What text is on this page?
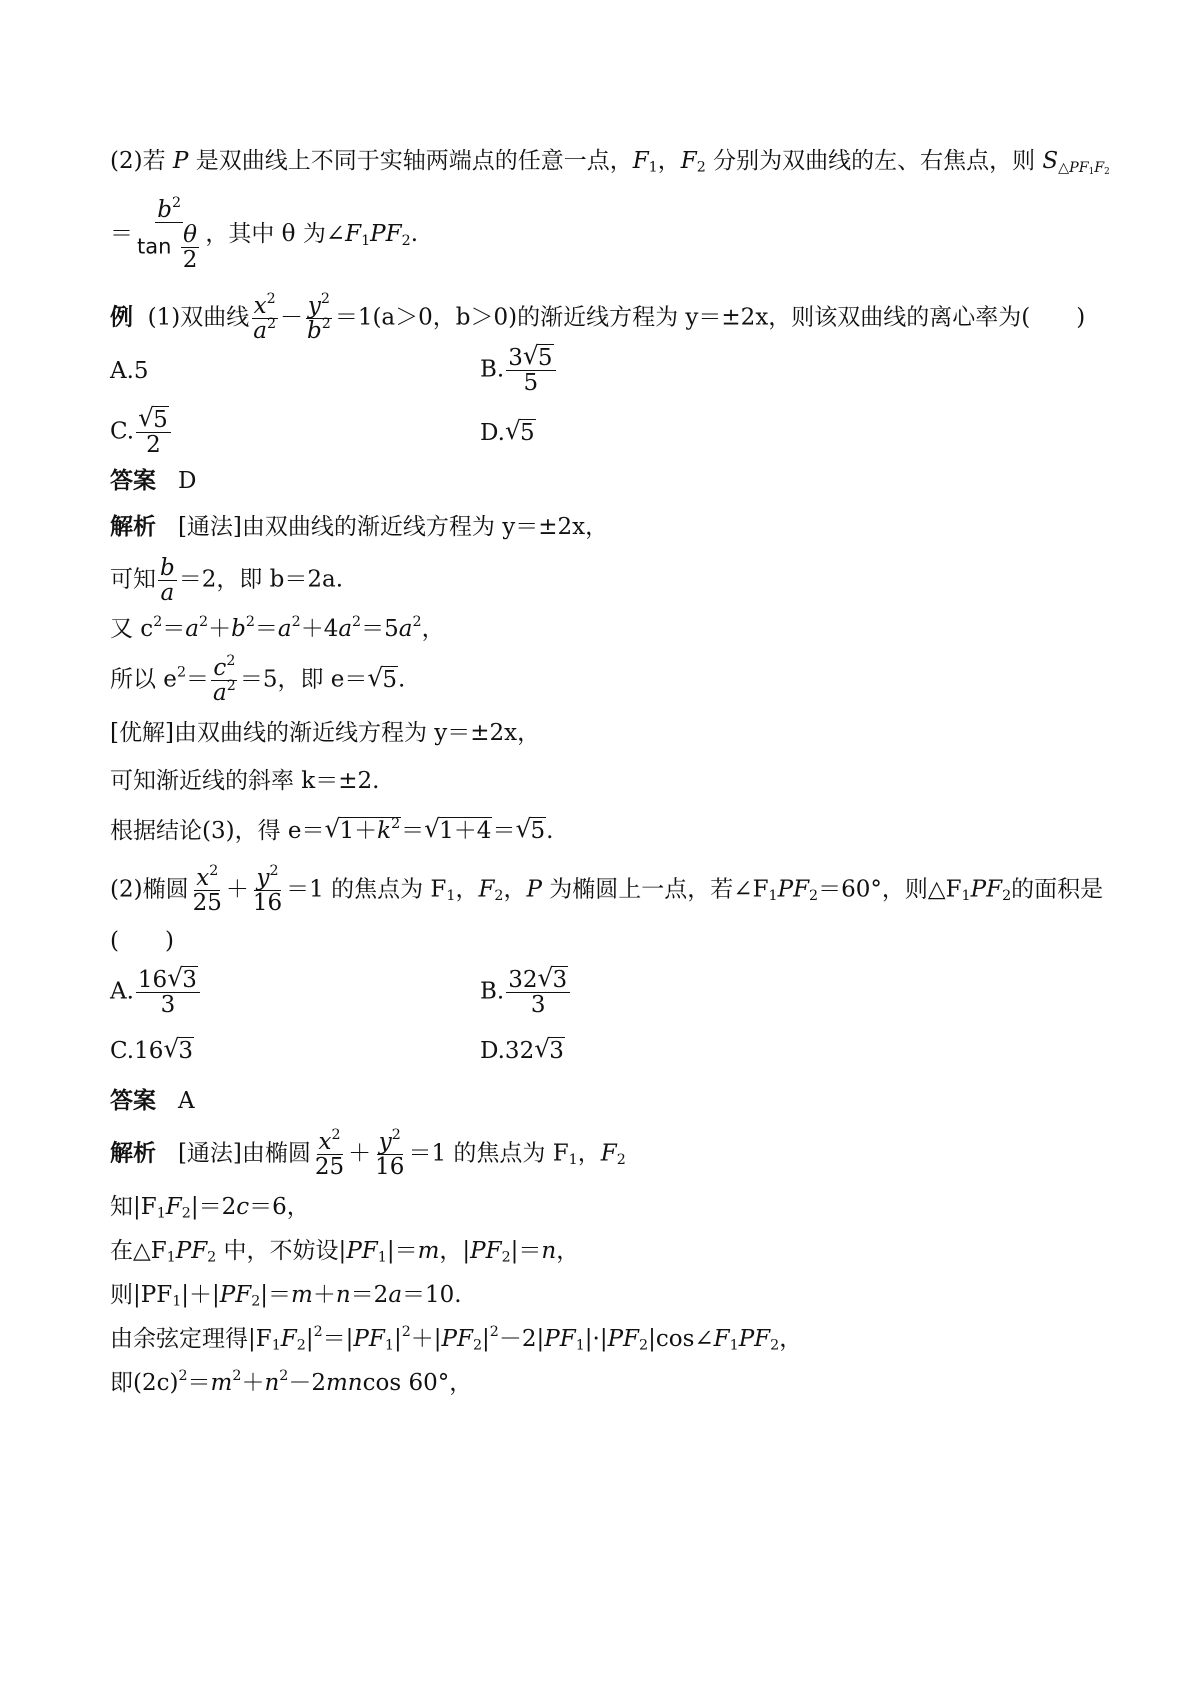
(2)若 P 是双曲线上不同于实轴两端点的任意一点，$F_1$，$F_2$ 分别为双曲线的左、右焦点，则 $S_{\triangle PF_1F_2}$
＝ $\frac{b^2}{\tan \frac{\theta}{2}}$ ，其中 θ 为$\angle F_1PF_2$.
例 (1)双曲线 $\frac{x^2}{a^2} - \frac{y^2}{b^2} =1(a>0$，b＞0)的渐近线方程为 y＝±2x，则该双曲线的离心率为(　　)
A.5	B. $\frac{3 √ 5}{5}$
C. $\frac{√ 5}{2}$	D. √ 5
答案 D
解析 [通法]由双曲线的渐近线方程为 y＝±2x，
可知 $\frac{b}{a} =2$，即 b＝2a.
又 $c^2=a^2+b^2=a^2+4a^2=5a^2$，
所以 $e^2= \frac{c^2}{a^2} =5$，即 e＝ √ 5.
[优解]由双曲线的渐近线方程为 y＝±2x，
可知渐近线的斜率 k＝±2.
根据结论(3)，得 e＝ √ $1+k^2=$ √ 1＋4＝ √ 5.
(2)椭圆 $\frac{x^2}{25} + \frac{y^2}{16} =1$ 的焦点为 $F_1$，$F_2$，P 为椭圆上一点，若$\angle F_1PF_2=60^\circ$，则$\triangle F_1PF_2$的面积是
(　　)
A. $\frac{16 √ 3}{3}$	B. $\frac{32 √ 3}{3}$
C.16 √ 3	D.32 √ 3
答案 A
解析 [通法]由椭圆 $\frac{x^2}{25} + \frac{y^2}{16} =1$ 的焦点为 $F_1$，$F_2$
知$|F_1F_2|=2c=6$，
在$\triangle F_1PF_2$ 中，不妨设$|PF_1|=m$，$|PF_2|=n$，
则$|PF_1|+|PF_2|=m+n=2a=10$.
由余弦定理得$|F_1F_2|^2=|PF_1|^2+|PF_2|^2-2|PF_1|\cdot|PF_2|\cos\angle F_1PF_2$，
即$(2c)^2=m^2+n^2-2mncos$ 60°，
